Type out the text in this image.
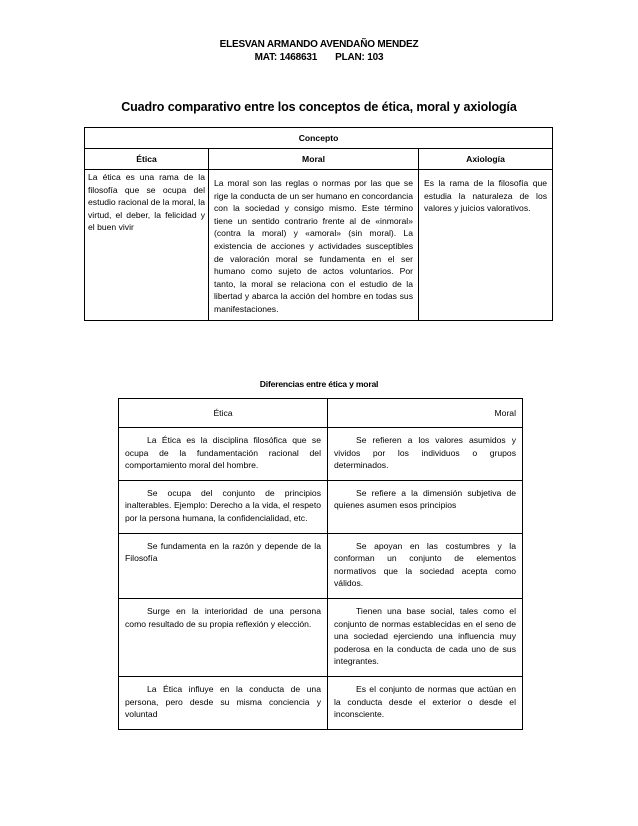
ELESVAN ARMANDO AVENDAÑO MENDEZ
MAT: 1468631 PLAN: 103
Cuadro comparativo entre los conceptos de ética, moral y axiología
Concepto		
Ética	Moral	Axiología

La ética es una rama de la filosofía que se ocupa del estudio racional de la moral, la virtud, el deber, la felicidad y el buen vivir	La moral son las reglas o normas por las que se rige la conducta de un ser humano en concordancia con la sociedad y consigo mismo. Este término tiene un sentido contrario frente al de «inmoral» (contra la moral) y «amoral» (sin moral). La existencia de acciones y actividades susceptibles de valoración moral se fundamenta en el ser humano como sujeto de actos voluntarios. Por tanto, la moral se relaciona con el estudio de la libertad y abarca la acción del hombre en todas sus manifestaciones.	Es la rama de la filosofía que estudia la naturaleza de los valores y juicios valorativos.
Diferencias entre ética y moral
Ética	Moral
La Ética es la disciplina filosófica que se ocupa de la fundamentación racional del comportamiento moral del hombre.	Se refieren a los valores asumidos y vividos por los individuos o grupos determinados.
Se ocupa del conjunto de principios inalterables. Ejemplo: Derecho a la vida, el respeto por la persona humana, la confidencialidad, etc.	Se refiere a la dimensión subjetiva de quienes asumen esos principios
Se fundamenta en la razón y depende de la Filosofía	Se apoyan en las costumbres y la conforman un conjunto de elementos normativos que la sociedad acepta como válidos.
Surge en la interioridad de una persona como resultado de su propia reflexión y elección.	Tienen una base social, tales como el conjunto de normas establecidas en el seno de una sociedad ejerciendo una influencia muy poderosa en la conducta de cada uno de sus integrantes.
La Ética influye en la conducta de una persona, pero desde su misma conciencia y voluntad	Es el conjunto de normas que actúan en la conducta desde el exterior o desde el inconsciente.
